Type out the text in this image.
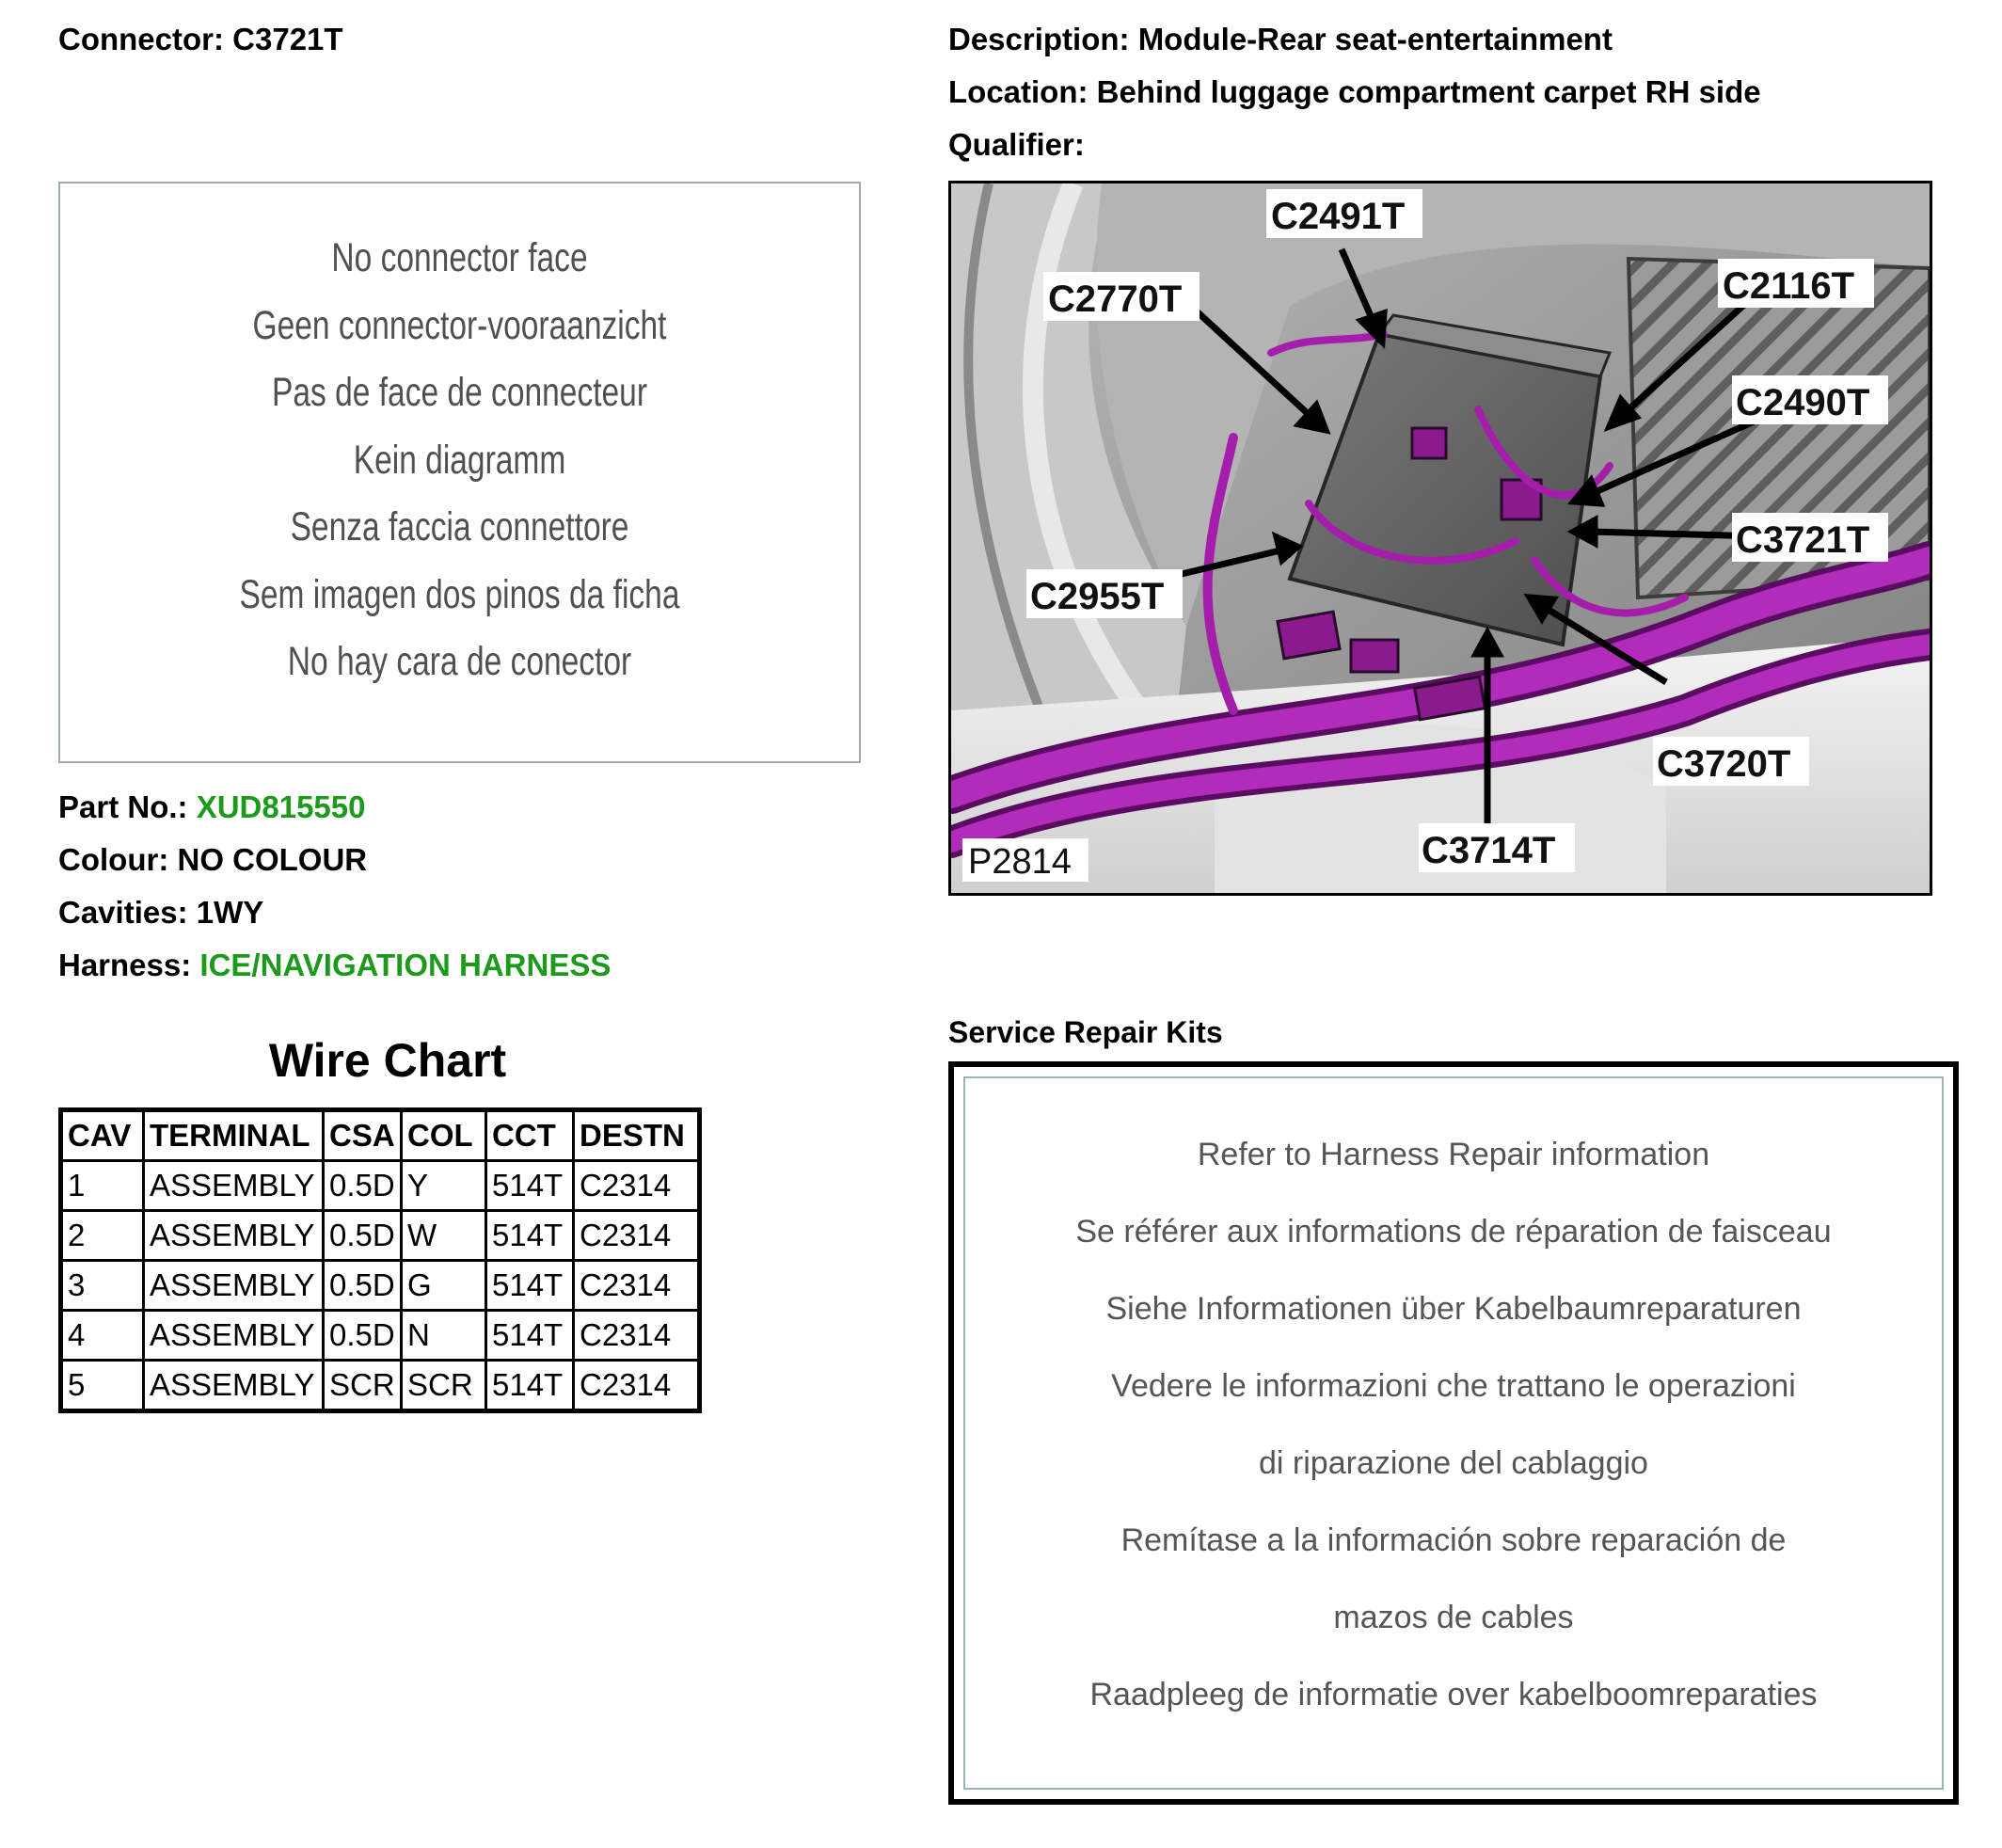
Connector: C3721T	Description: Module-Rear seat-entertainment
Location: Behind luggage compartment carpet RH side
Qualifier:
No connector face
Geen connector-vooraanzicht
Pas de face de connecteur
Kein diagramm
Senza faccia connettore
Sem imagen dos pinos da ficha
No hay cara de conector
Part No.: XUD815550
Colour: NO COLOUR
Cavities: 1WY
Harness: ICE/NAVIGATION HARNESS
Wire Chart
CAV	TERMINAL	CSA	COL	CCT	DESTN
1	ASSEMBLY	0.5D	Y	514T	C2314
2	ASSEMBLY	0.5D	W	514T	C2314
3	ASSEMBLY	0.5D	G	514T	C2314
4	ASSEMBLY	0.5D	N	514T	C2314
5	ASSEMBLY	SCR	SCR	514T	C2314
C2491T
C2770T	C2116T
C2490T
C3721T
C2955T
C3720T
C3714T
P2814
Service Repair Kits
Refer to Harness Repair information
Se référer aux informations de réparation de faisceau
Siehe Informationen über Kabelbaumreparaturen
Vedere le informazioni che trattano le operazioni
di riparazione del cablaggio
Remítase a la información sobre reparación de
mazos de cables
Raadpleeg de informatie over kabelboomreparaties
